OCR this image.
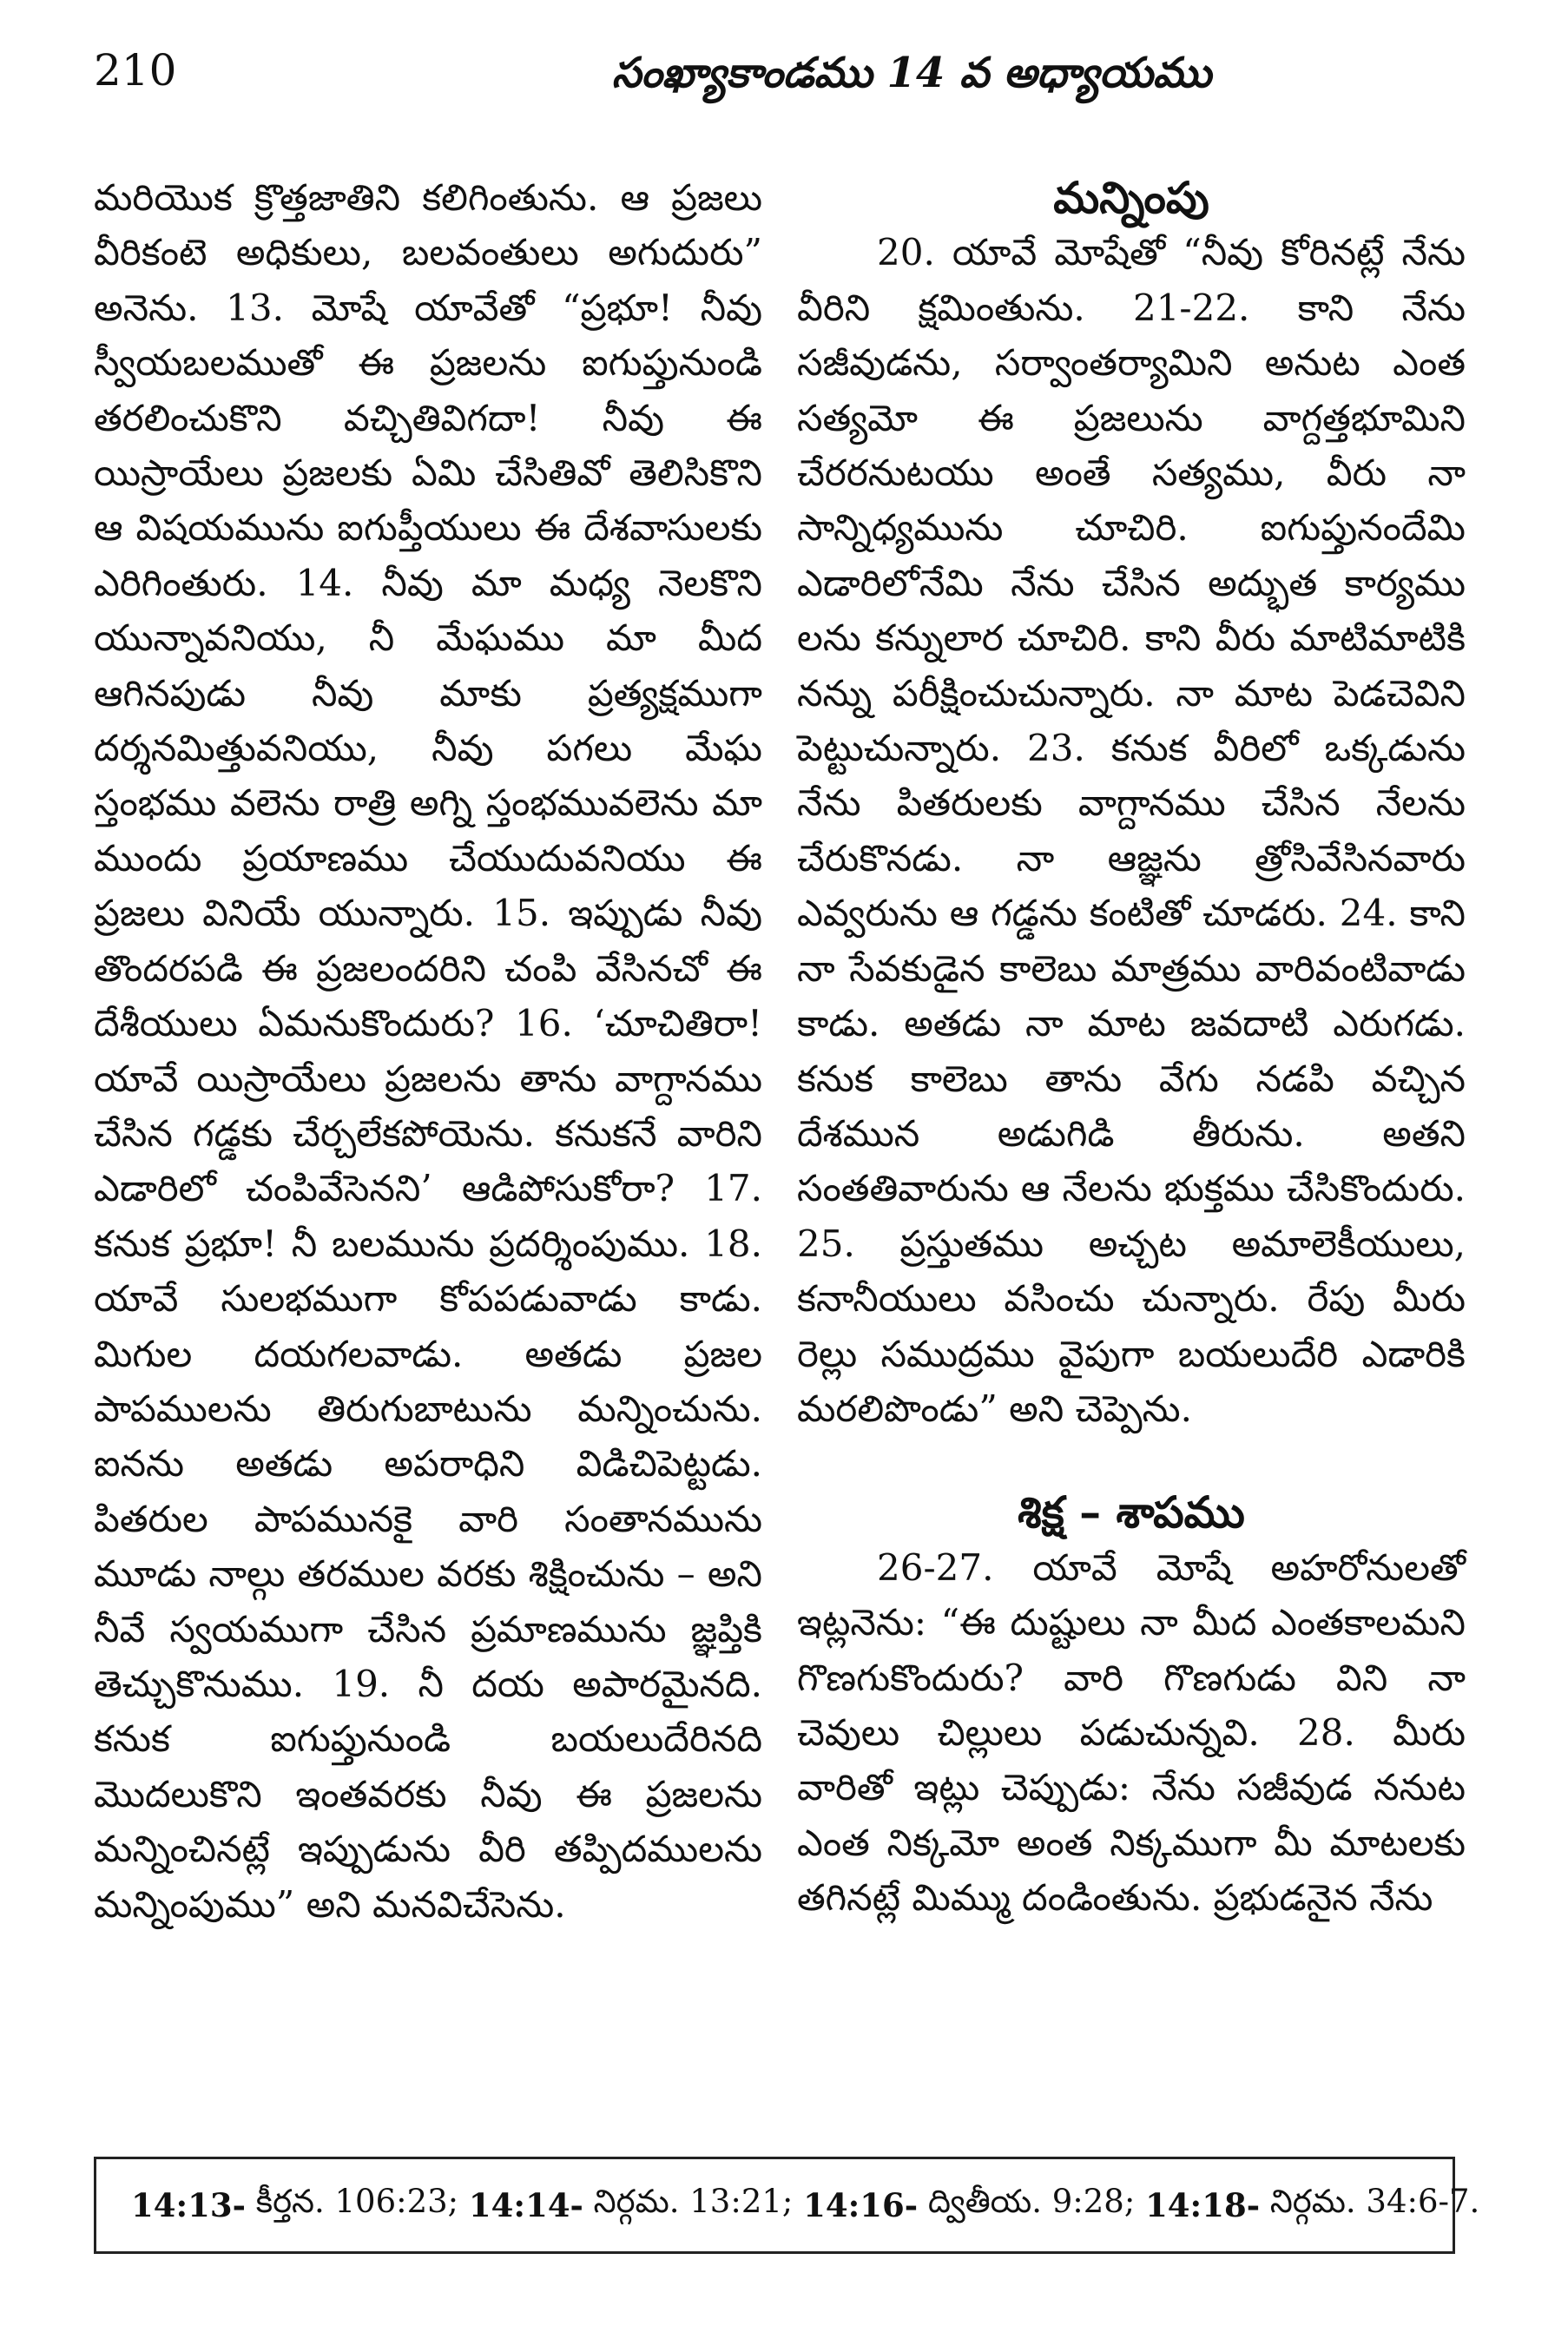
210	సంఖ్యాకాండము 14 వ అధ్యాయము

మరియొక క్రొత్తజాతిని కలిగింతును. ఆ ప్రజలు వీరికంటె అధికులు, బలవంతులు అగుదురు” అనెను. 13. మోషే యావేతో “ప్రభూ! నీవు స్వీయబలముతో ఈ ప్రజలను ఐగుప్తునుండి తరలించుకొని వచ్చితివిగదా! నీవు ఈ యిస్రాయేలు ప్రజలకు ఏమి చేసితివో తెలిసికొని ఆ విషయమును ఐగుప్తీయులు ఈ దేశవాసులకు ఎరిగింతురు. 14. నీవు మా మధ్య నెలకొని యున్నావనియు, నీ మేఘము మా మీద ఆగినపుడు నీవు మాకు ప్రత్యక్షముగా దర్శనమిత్తువనియు, నీవు పగలు మేఘ స్తంభము వలెను రాత్రి అగ్ని స్తంభమువలెను మా ముందు ప్రయాణము చేయుదువనియు ఈ ప్రజలు వినియే యున్నారు. 15. ఇప్పుడు నీవు తొందరపడి ఈ ప్రజలందరిని చంపి వేసినచో ఈ దేశీయులు ఏమనుకొందురు? 16. ‘చూచితిరా! యావే యిస్రాయేలు ప్రజలను తాను వాగ్దానము చేసిన గడ్డకు చేర్చలేకపోయెను. కనుకనే వారిని ఎడారిలో చంపివేసెనని’ ఆడిపోసుకోరా? 17. కనుక ప్రభూ! నీ బలమును ప్రదర్శింపుము. 18. యావే సులభముగా కోపపడువాడు కాడు. మిగుల దయగలవాడు. అతడు ప్రజల పాపములను తిరుగుబాటును మన్నించును. ఐనను అతడు అపరాధిని విడిచిపెట్టడు. పితరుల పాపమునకై వారి సంతానమును మూడు నాల్గు తరముల వరకు శిక్షించును – అని నీవే స్వయముగా చేసిన ప్రమాణమును జ్ఞప్తికి తెచ్చుకొనుము. 19. నీ దయ అపారమైనది. కనుక ఐగుప్తునుండి బయలుదేరినది మొదలుకొని ఇంతవరకు నీవు ఈ ప్రజలను మన్నించినట్లే ఇప్పుడును వీరి తప్పిదములను మన్నింపుము” అని మనవిచేసెను.

మన్నింపు

20. యావే మోషేతో “నీవు కోరినట్లే నేను వీరిని క్షమింతును. 21-22. కాని నేను సజీవుడను, సర్వాంతర్యామిని అనుట ఎంత సత్యమో ఈ ప్రజలును వాగ్దత్తభూమిని చేరరనుటయు అంతే సత్యము, వీరు నా సాన్నిధ్యమును చూచిరి. ఐగుప్తునందేమి ఎడారిలోనేమి నేను చేసిన అద్భుత కార్యము లను కన్నులార చూచిరి. కాని వీరు మాటిమాటికి నన్ను పరీక్షించుచున్నారు. నా మాట పెడచెవిని పెట్టుచున్నారు. 23. కనుక వీరిలో ఒక్కడును నేను పితరులకు వాగ్దానము చేసిన నేలను చేరుకొనడు. నా ఆజ్ఞను త్రోసివేసినవారు ఎవ్వరును ఆ గడ్డను కంటితో చూడరు. 24. కాని నా సేవకుడైన కాలెబు మాత్రము వారివంటివాడు కాడు. అతడు నా మాట జవదాటి ఎరుగడు. కనుక కాలెబు తాను వేగు నడపి వచ్చిన దేశమున అడుగిడి తీరును. అతని సంతతివారును ఆ నేలను భుక్తము చేసికొందురు. 25. ప్రస్తుతము అచ్చట అమాలెకీయులు, కనానీయులు వసించు చున్నారు. రేపు మీరు రెల్లు సముద్రము వైపుగా బయలుదేరి ఎడారికి మరలిపొండు” అని చెప్పెను.

శిక్ష – శాపము

26-27. యావే మోషే అహరోనులతో ఇట్లనెను: “ఈ దుష్టులు నా మీద ఎంతకాలమని గొణగుకొందురు? వారి గొణగుడు విని నా చెవులు చిల్లులు పడుచున్నవి. 28. మీరు వారితో ఇట్లు చెప్పుడు: నేను సజీవుడ ననుట ఎంత నిక్కమో అంత నిక్కముగా మీ మాటలకు తగినట్లే మిమ్ము దండింతును. ప్రభుడనైన నేను

14:13- కీర్తన. 106:23; 14:14- నిర్గమ. 13:21; 14:16- ద్వితీయ. 9:28; 14:18- నిర్గమ. 34:6-7.
